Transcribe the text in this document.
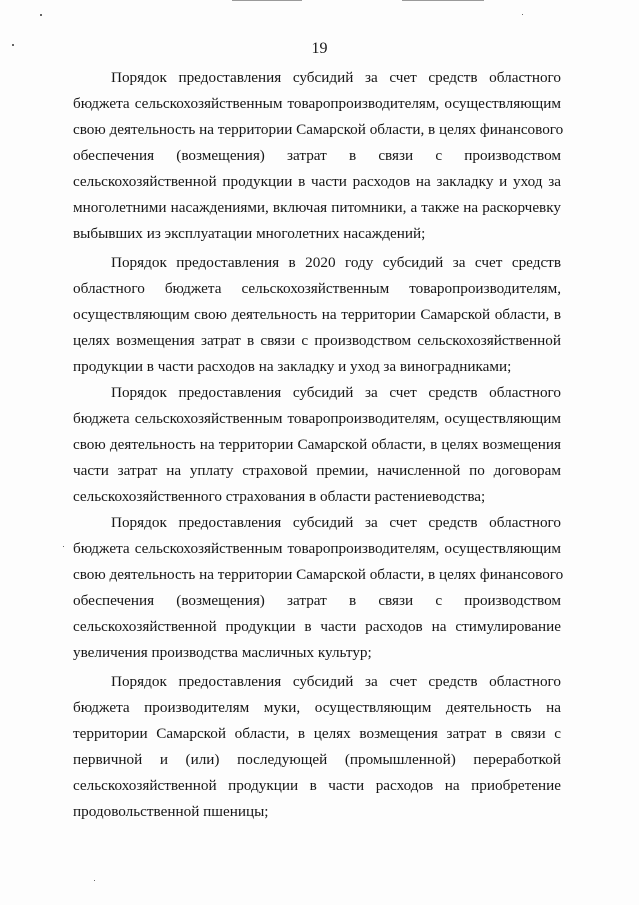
19
Порядок предоставления субсидий за счет средств областного
бюджета сельскохозяйственным товаропроизводителям, осуществляющим
свою деятельность на территории Самарской области, в целях финансового
обеспечения (возмещения) затрат в связи с производством
сельскохозяйственной продукции в части расходов на закладку и уход за
многолетними насаждениями, включая питомники, а также на раскорчевку
выбывших из эксплуатации многолетних насаждений;
Порядок предоставления в 2020 году субсидий за счет средств
областного бюджета сельскохозяйственным товаропроизводителям,
осуществляющим свою деятельность на территории Самарской области, в
целях возмещения затрат в связи с производством сельскохозяйственной
продукции в части расходов на закладку и уход за виноградниками;
Порядок предоставления субсидий за счет средств областного
бюджета сельскохозяйственным товаропроизводителям, осуществляющим
свою деятельность на территории Самарской области, в целях возмещения
части затрат на уплату страховой премии, начисленной по договорам
сельскохозяйственного страхования в области растениеводства;
Порядок предоставления субсидий за счет средств областного
бюджета сельскохозяйственным товаропроизводителям, осуществляющим
свою деятельность на территории Самарской области, в целях финансового
обеспечения (возмещения) затрат в связи с производством
сельскохозяйственной продукции в части расходов на стимулирование
увеличения производства масличных культур;
Порядок предоставления субсидий за счет средств областного
бюджета производителям муки, осуществляющим деятельность на
территории Самарской области, в целях возмещения затрат в связи с
первичной и (или) последующей (промышленной) переработкой
сельскохозяйственной продукции в части расходов на приобретение
продовольственной пшеницы;
